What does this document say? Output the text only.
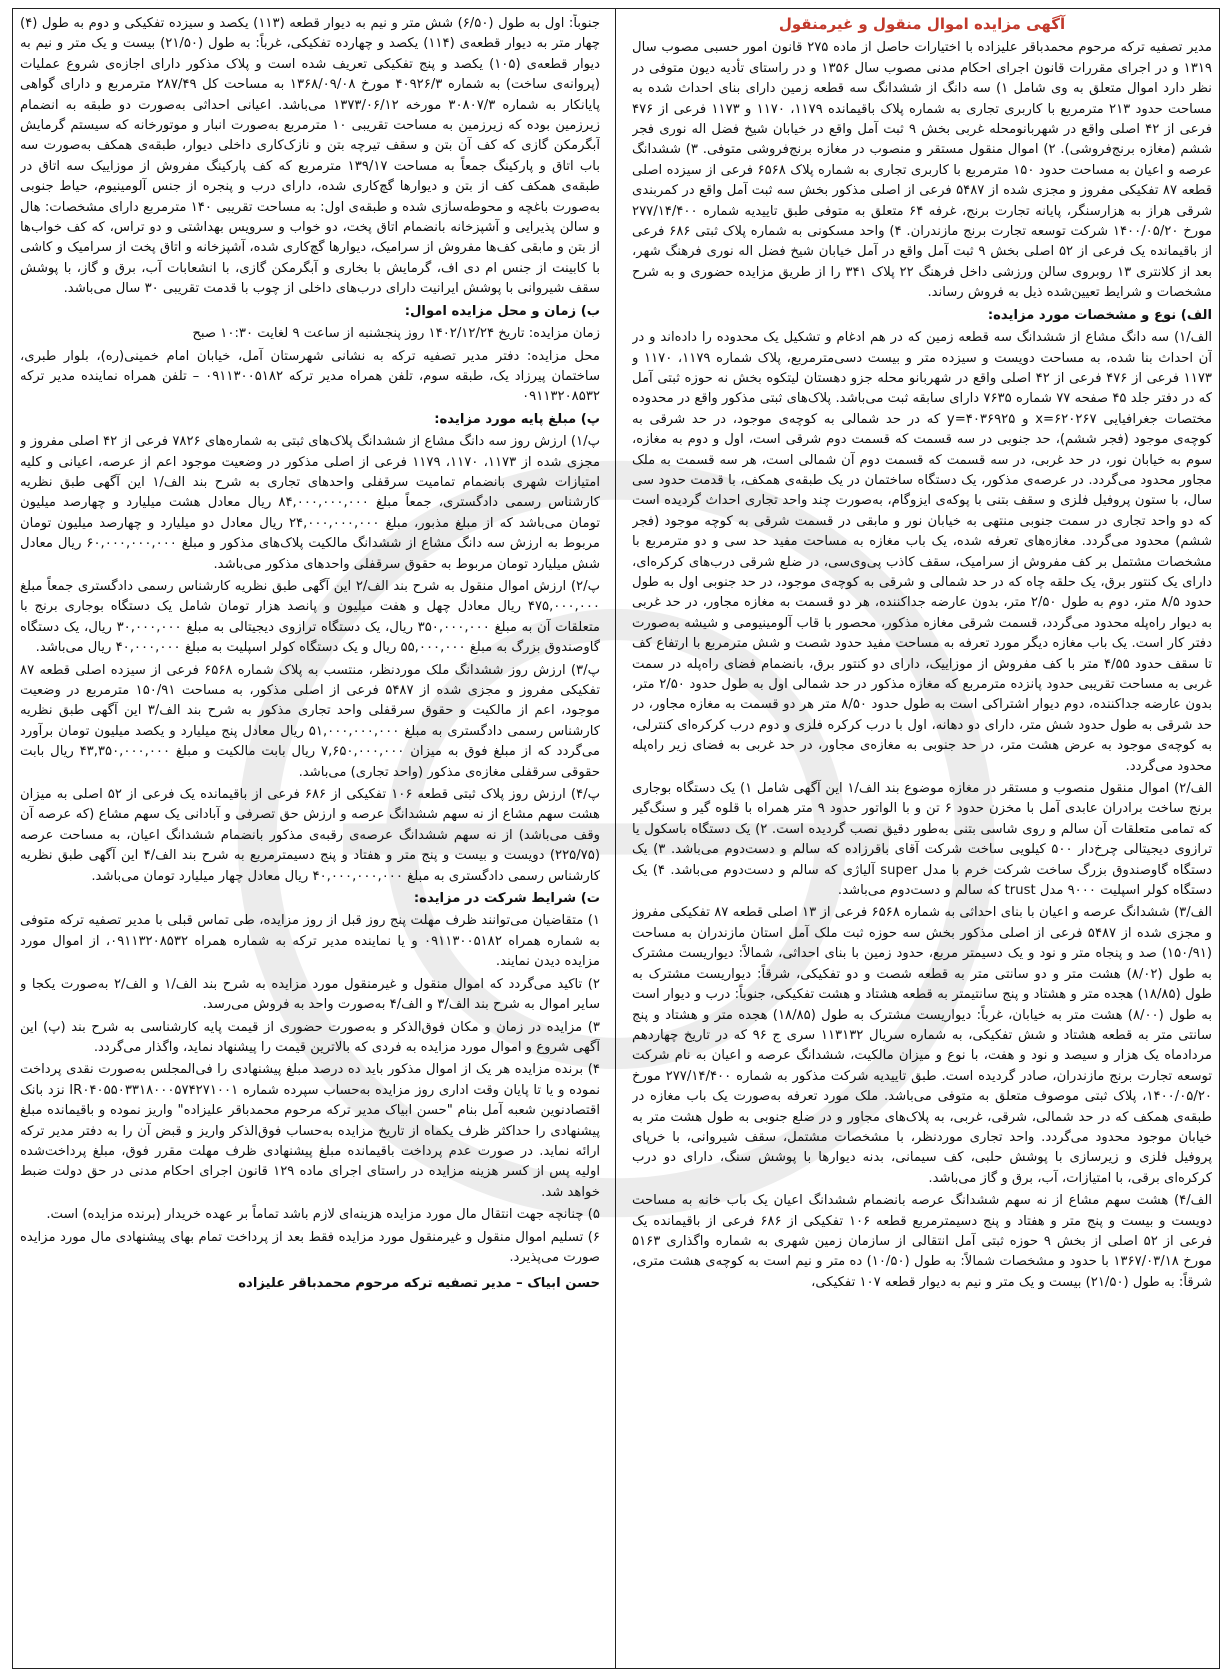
آگهی مزایده اموال منقول و غیرمنقول
مدیر تصفیه ترکه مرحوم محمدباقر علیزاده با اختیارات حاصل از ماده ۲۷۵ قانون امور حسبی مصوب سال ۱۳۱۹ و در اجرای مقررات قانون اجرای احکام مدنی مصوب سال ۱۳۵۶ و در راستای تأدیه دیون متوفی در نظر دارد اموال متعلق به وی شامل ۱) سه دانگ از ششدانگ سه قطعه زمین دارای بنای احداث شده به مساحت حدود ۲۱۳ مترمربع با کاربری تجاری به شماره پلاک باقیمانده ۱۱۷۹، ۱۱۷۰ و ۱۱۷۳ فرعی از ۴۷۶ فرعی از ۴۲ اصلی واقع در شهربانومحله غربی بخش ۹ ثبت آمل واقع در خیابان شیخ فضل اله نوری فجر ششم (مغازه برنج‌فروشی). ۲) اموال منقول مستقر و منصوب در مغازه برنج‌فروشی متوفی. ۳) ششدانگ عرصه و اعیان به مساحت حدود ۱۵۰ مترمربع با کاربری تجاری به شماره پلاک ۶۵۶۸ فرعی از سیزده اصلی قطعه ۸۷ تفکیکی مفروز و مجزی شده از ۵۴۸۷ فرعی از اصلی مذکور بخش سه ثبت آمل واقع در کمربندی شرقی هراز به هزارسنگر، پایانه تجارت برنج، غرفه ۶۴ متعلق به متوفی طبق تاییدیه شماره ۲۷۷/۱۴/۴۰۰ مورخ ۱۴۰۰/۰۵/۲۰ شرکت توسعه تجارت برنج مازندران. ۴) واحد مسکونی به شماره پلاک ثبتی ۶۸۶ فرعی از باقیمانده یک فرعی از ۵۲ اصلی بخش ۹ ثبت آمل واقع در آمل خیابان شیخ فضل اله نوری فرهنگ شهر، بعد از کلانتری ۱۳ روبروی سالن ورزشی داخل فرهنگ ۲۲ پلاک ۳۴۱ را از طریق مزایده حضوری و به شرح مشخصات و شرایط تعیین‌شده ذیل به فروش رساند.
الف) نوع و مشخصات مورد مزایده:
الف/۱) سه دانگ مشاع از ششدانگ سه قطعه زمین که در هم ادغام و تشکیل یک محدوده را داده‌اند و در آن احداث بنا شده، به مساحت دویست و سیزده متر و بیست دسی‌مترمربع، پلاک شماره ۱۱۷۹، ۱۱۷۰ و ۱۱۷۳ فرعی از ۴۷۶ فرعی از ۴۲ اصلی واقع در شهربانو محله جزو دهستان لیتکوه بخش نه حوزه ثبتی آمل که در دفتر جلد ۴۵ صفحه ۷۷ شماره ۷۶۳۵ دارای سابقه ثبت می‌باشد. پلاک‌های ثبتی مذکور واقع در محدوده مختصات جغرافیایی x=۶۲۰۲۶۷ و y=۴۰۳۶۹۲۵ که در حد شمالی به کوچه‌ی موجود، در حد شرقی به کوچه‌ی موجود (فجر ششم)، حد جنوبی در سه قسمت که قسمت دوم شرقی است، اول و دوم به مغازه، سوم به خیابان نور، در حد غربی، در سه قسمت که قسمت دوم آن شمالی است، هر سه قسمت به ملک مجاور محدود می‌گردد. در عرصه‌ی مذکور، یک دستگاه ساختمان در یک طبقه‌ی همکف، با قدمت حدود سی سال، با ستون پروفیل فلزی و سقف بتنی با پوکه‌ی ایزوگام، به‌صورت چند واحد تجاری احداث گردیده است که دو واحد تجاری در سمت جنوبی منتهی به خیابان نور و مابقی در قسمت شرقی به کوچه موجود (فجر ششم) محدود می‌گردد. مغازه‌های تعرفه شده، یک باب مغازه به مساحت مفید حد سی و دو مترمربع با مشخصات مشتمل بر کف مفروش از سرامیک، سقف کاذب پی‌وی‌سی، در ضلع شرقی درب‌های کرکره‌ای، دارای یک کنتور برق، یک حلقه چاه که در حد شمالی و شرقی به کوچه‌ی موجود، در حد جنوبی اول به طول حدود ۸/۵ متر، دوم به طول ۲/۵۰ متر، بدون عارضه جداکننده، هر دو قسمت به مغازه مجاور، در حد غربی به دیوار راه‌پله محدود می‌گردد، قسمت شرقی مغازه مذکور، محصور با قاب آلومینیومی و شیشه به‌صورت دفتر کار است. یک باب مغازه دیگر مورد تعرفه به مساحت مفید حدود شصت و شش مترمربع با ارتفاع کف تا سقف حدود ۴/۵۵ متر با کف مفروش از موزاییک، دارای دو کنتور برق، بانضمام فضای راه‌پله در سمت غربی به مساحت تقریبی حدود پانزده مترمربع که مغازه مذکور در حد شمالی اول به طول حدود ۲/۵۰ متر، بدون عارضه جداکننده، دوم دیوار اشتراکی است به طول حدود ۸/۵۰ متر هر دو قسمت به مغازه مجاور، در حد شرقی به طول حدود شش متر، دارای دو دهانه، اول با درب کرکره فلزی و دوم درب کرکره‌ای کنترلی، به کوچه‌ی موجود به عرض هشت متر، در حد جنوبی به مغازه‌ی مجاور، در حد غربی به فضای زیر راه‌پله محدود می‌گردد.
الف/۲) اموال منقول منصوب و مستقر در مغازه موضوع بند الف/۱ این آگهی شامل ۱) یک دستگاه بوجاری برنج ساخت برادران عابدی آمل با مخزن حدود ۶ تن و با الواتور حدود ۹ متر همراه با قلوه گیر و سنگ‌گیر که تمامی متعلقات آن سالم و روی شاسی بتنی به‌طور دقیق نصب گردیده است. ۲) یک دستگاه باسکول یا ترازوی دیجیتالی چرخ‌دار ۵۰۰ کیلویی ساخت شرکت آقای باقرزاده که سالم و دست‌دوم می‌باشد. ۳) یک دستگاه گاوصندوق بزرگ ساخت شرکت خرم با مدل super آلیاژی که سالم و دست‌دوم می‌باشد. ۴) یک دستگاه کولر اسپلیت ۹۰۰۰ مدل trust که سالم و دست‌دوم می‌باشد.
الف/۳) ششدانگ عرصه و اعیان با بنای احداثی به شماره ۶۵۶۸ فرعی از ۱۳ اصلی قطعه ۸۷ تفکیکی مفروز و مجزی شده از ۵۴۸۷ فرعی از اصلی مذکور بخش سه حوزه ثبت ملک آمل استان مازندران به مساحت (۱۵۰/۹۱) صد و پنجاه متر و نود و یک دسیمتر مربع، حدود زمین با بنای احداثی، شمالاً: دیواریست مشترک به طول (۸/۰۲) هشت متر و دو سانتی متر به قطعه شصت و دو تفکیکی، شرقاً: دیواریست مشترک به طول (۱۸/۸۵) هجده متر و هشتاد و پنج سانتیمتر به قطعه هشتاد و هشت تفکیکی، جنوباً: درب و دیوار است به طول (۸/۰۰) هشت متر به خیابان، غرباً: دیواریست مشترک به طول (۱۸/۸۵) هجده متر و هشتاد و پنج سانتی متر به قطعه هشتاد و شش تفکیکی، به شماره سریال ۱۱۳۱۳۲ سری ج ۹۶ که در تاریخ چهاردهم مردادماه یک هزار و سیصد و نود و هفت، با نوع و میزان مالکیت، ششدانگ عرصه و اعیان به نام شرکت توسعه تجارت برنج مازندران، صادر گردیده است. طبق تاییدیه شرکت مذکور به شماره ۲۷۷/۱۴/۴۰۰ مورخ ۱۴۰۰/۰۵/۲۰، پلاک ثبتی موصوف متعلق به متوفی می‌باشد. ملک مورد تعرفه به‌صورت یک باب مغازه در طبقه‌ی همکف که در حد شمالی، شرقی، غربی، به پلاک‌های مجاور و در ضلع جنوبی به طول هشت متر به خیابان موجود محدود می‌گردد. واحد تجاری موردنظر، با مشخصات مشتمل، سقف شیروانی، با خرپای پروفیل فلزی و زیرسازی با پوشش حلبی، کف سیمانی، بدنه دیوارها با پوشش سنگ، دارای دو درب کرکره‌ای برقی، با امتیازات، آب، برق و گاز می‌باشد.
الف/۴) هشت سهم مشاع از نه سهم ششدانگ عرصه بانضمام ششدانگ اعیان یک باب خانه به مساحت دویست و بیست و پنج متر و هفتاد و پنج دسیمترمربع قطعه ۱۰۶ تفکیکی از ۶۸۶ فرعی از باقیمانده یک فرعی از ۵۲ اصلی از بخش ۹ حوزه ثبتی آمل انتقالی از سازمان زمین شهری به شماره واگذاری ۵۱۶۳ مورخ ۱۳۶۷/۰۳/۱۸ با حدود و مشخصات شمالاً: به طول (۱۰/۵۰) ده متر و نیم است به کوچه‌ی هشت متری، شرقاً: به طول (۲۱/۵۰) بیست و یک متر و نیم به دیوار قطعه ۱۰۷ تفکیکی،
جنوباً: اول به طول (۶/۵۰) شش متر و نیم به دیوار قطعه (۱۱۳) یکصد و سیزده تفکیکی و دوم به طول (۴) چهار متر به دیوار قطعه‌ی (۱۱۴) یکصد و چهارده تفکیکی، غرباً: به طول (۲۱/۵۰) بیست و یک متر و نیم به دیوار قطعه‌ی (۱۰۵) یکصد و پنج تفکیکی تعریف شده است و پلاک مذکور دارای اجازه‌ی شروع عملیات (پروانه‌ی ساخت) به شماره ۴۰۹۲۶/۳ مورخ ۱۳۶۸/۰۹/۰۸ به مساحت کل ۲۸۷/۴۹ مترمربع و دارای گواهی پایانکار به شماره ۳۰۸۰۷/۳ مورخه ۱۳۷۳/۰۶/۱۲ می‌باشد. اعیانی احداثی به‌صورت دو طبقه به انضمام زیرزمین بوده که زیرزمین به مساحت تقریبی ۱۰ مترمربع به‌صورت انبار و موتورخانه که سیستم گرمایش آبگرمکن گازی که کف آن بتن و سقف تیرچه بتن و نازک‌کاری داخلی دیوار، طبقه‌ی همکف به‌صورت سه باب اتاق و پارکینگ جمعاً به مساحت ۱۳۹/۱۷ مترمربع که کف پارکینگ مفروش از موزاییک سه اتاق در طبقه‌ی همکف کف از بتن و دیوارها گچ‌کاری شده، دارای درب و پنجره از جنس آلومینیوم، حیاط جنوبی به‌صورت باغچه و محوطه‌سازی شده و طبقه‌ی اول: به مساحت تقریبی ۱۴۰ مترمربع دارای مشخصات: هال و سالن پذیرایی و آشپزخانه بانضمام اتاق پخت، دو خواب و سرویس بهداشتی و دو تراس، که کف خواب‌ها از بتن و مابقی کف‌ها مفروش از سرامیک، دیوارها گچ‌کاری شده، آشپزخانه و اتاق پخت از سرامیک و کاشی با کابینت از جنس ام دی اف، گرمایش با بخاری و آبگرمکن گازی، با انشعابات آب، برق و گاز، با پوشش سقف شیروانی با پوشش ایرانیت دارای درب‌های داخلی از چوب با قدمت تقریبی ۳۰ سال می‌باشد.
ب) زمان و محل مزایده اموال:
زمان مزایده: تاریخ ۱۴۰۲/۱۲/۲۴ روز پنجشنبه از ساعت ۹ لغایت ۱۰:۳۰ صبح
محل مزایده: دفتر مدیر تصفیه ترکه به نشانی شهرستان آمل، خیابان امام خمینی(ره)، بلوار طبری، ساختمان پیرزاد یک، طبقه سوم، تلفن همراه مدیر ترکه ۰۹۱۱۳۰۰۵۱۸۲ – تلفن همراه نماینده مدیر ترکه ۰۹۱۱۳۲۰۸۵۳۲
پ) مبلغ پایه مورد مزایده:
پ/۱) ارزش روز سه دانگ مشاع از ششدانگ پلاک‌های ثبتی به شماره‌های ۷۸۲۶ فرعی از ۴۲ اصلی مفروز و مجزی شده از ۱۱۷۳، ۱۱۷۰، ۱۱۷۹ فرعی از اصلی مذکور در وضعیت موجود اعم از عرصه، اعیانی و کلیه امتیازات شهری بانضمام تمامیت سرقفلی واحدهای تجاری به شرح بند الف/۱ این آگهی طبق نظریه کارشناس رسمی دادگستری، جمعاً مبلغ ۸۴,۰۰۰,۰۰۰,۰۰۰ ریال معادل هشت میلیارد و چهارصد میلیون تومان می‌باشد که از مبلغ مذبور، مبلغ ۲۴,۰۰۰,۰۰۰,۰۰۰ ریال معادل دو میلیارد و چهارصد میلیون تومان مربوط به ارزش سه دانگ مشاع از ششدانگ مالکیت پلاک‌های مذکور و مبلغ ۶۰,۰۰۰,۰۰۰,۰۰۰ ریال معادل شش میلیارد تومان مربوط به حقوق سرقفلی واحدهای مذکور می‌باشد.
پ/۲) ارزش اموال منقول به شرح بند الف/۲ این آگهی طبق نظریه کارشناس رسمی دادگستری جمعاً مبلغ ۴۷۵,۰۰۰,۰۰۰ ریال معادل چهل و هفت میلیون و پانصد هزار تومان شامل یک دستگاه بوجاری برنج با متعلقات آن به مبلغ ۳۵۰,۰۰۰,۰۰۰ ریال، یک دستگاه ترازوی دیجیتالی به مبلغ ۳۰,۰۰۰,۰۰۰ ریال، یک دستگاه گاوصندوق بزرگ به مبلغ ۵۵,۰۰۰,۰۰۰ ریال و یک دستگاه کولر اسپلیت به مبلغ ۴۰,۰۰۰,۰۰۰ ریال می‌باشد.
پ/۳) ارزش روز ششدانگ ملک موردنظر، منتسب به پلاک شماره ۶۵۶۸ فرعی از سیزده اصلی قطعه ۸۷ تفکیکی مفروز و مجزی شده از ۵۴۸۷ فرعی از اصلی مذکور، به مساحت ۱۵۰/۹۱ مترمربع در وضعیت موجود، اعم از مالکیت و حقوق سرقفلی واحد تجاری مذکور به شرح بند الف/۳ این آگهی طبق نظریه کارشناس رسمی دادگستری به مبلغ ۵۱,۰۰۰,۰۰۰,۰۰۰ ریال معادل پنج میلیارد و یکصد میلیون تومان برآورد می‌گردد که از مبلغ فوق به میزان ۷,۶۵۰,۰۰۰,۰۰۰ ریال بابت مالکیت و مبلغ ۴۳,۳۵۰,۰۰۰,۰۰۰ ریال بابت حقوقی سرقفلی مغازه‌ی مذکور (واحد تجاری) می‌باشد.
پ/۴) ارزش روز پلاک ثبتی قطعه ۱۰۶ تفکیکی از ۶۸۶ فرعی از باقیمانده یک فرعی از ۵۲ اصلی به میزان هشت سهم مشاع از نه سهم ششدانگ عرصه و ارزش حق تصرفی و آبادانی یک سهم مشاع (که عرصه آن وقف می‌باشد) از نه سهم ششدانگ عرصه‌ی رقبه‌ی مذکور بانضمام ششدانگ اعیان، به مساحت عرصه (۲۲۵/۷۵) دویست و بیست و پنج متر و هفتاد و پنج دسیمترمربع به شرح بند الف/۴ این آگهی طبق نظریه کارشناس رسمی دادگستری به مبلغ ۴۰,۰۰۰,۰۰۰,۰۰۰ ریال معادل چهار میلیارد تومان می‌باشد.
ت) شرایط شرکت در مزایده:
۱) متقاضیان می‌توانند ظرف مهلت پنج روز قبل از روز مزایده، طی تماس قبلی با مدیر تصفیه ترکه متوفی به شماره همراه ۰۹۱۱۳۰۰۵۱۸۲ و یا نماینده مدیر ترکه به شماره همراه ۰۹۱۱۳۲۰۸۵۳۲، از اموال مورد مزایده دیدن نمایند.
۲) تاکید می‌گردد که اموال منقول و غیرمنقول مورد مزایده به شرح بند الف/۱ و الف/۲ به‌صورت یکجا و سایر اموال به شرح بند الف/۳ و الف/۴ به‌صورت واحد به فروش می‌رسد.
۳) مزایده در زمان و مکان فوق‌الذکر و به‌صورت حضوری از قیمت پایه کارشناسی به شرح بند (پ) این آگهی شروع و اموال مورد مزایده به فردی که بالاترین قیمت را پیشنهاد نماید، واگذار می‌گردد.
۴) برنده مزایده هر یک از اموال مذکور باید ده درصد مبلغ پیشنهادی را فی‌المجلس به‌صورت نقدی پرداخت نموده و یا تا پایان وقت اداری روز مزایده به‌حساب سپرده شماره IR۰۴۰۵۵۰۳۳۱۸۰۰۰۵۷۴۲۷۱۰۰۱ نزد بانک اقتصادنوین شعبه آمل بنام "حسن ابیاک مدیر ترکه مرحوم محمدباقر علیزاده" واریز نموده و باقیمانده مبلغ پیشنهادی را حداکثر ظرف یکماه از تاریخ مزایده به‌حساب فوق‌الذکر واریز و قبض آن را به دفتر مدیر ترکه ارائه نماید. در صورت عدم پرداخت باقیمانده مبلغ پیشنهادی ظرف مهلت مقرر فوق، مبلغ پرداخت‌شده اولیه پس از کسر هزینه مزایده در راستای اجرای ماده ۱۲۹ قانون اجرای احکام مدنی در حق دولت ضبط خواهد شد.
۵) چنانچه جهت انتقال مال مورد مزایده هزینه‌ای لازم باشد تماماً بر عهده خریدار (برنده مزایده) است.
۶) تسلیم اموال منقول و غیرمنقول مورد مزایده فقط بعد از پرداخت تمام بهای پیشنهادی مال مورد مزایده صورت می‌پذیرد.
حسن ابیاک – مدیر تصفیه ترکه مرحوم محمدباقر علیزاده
